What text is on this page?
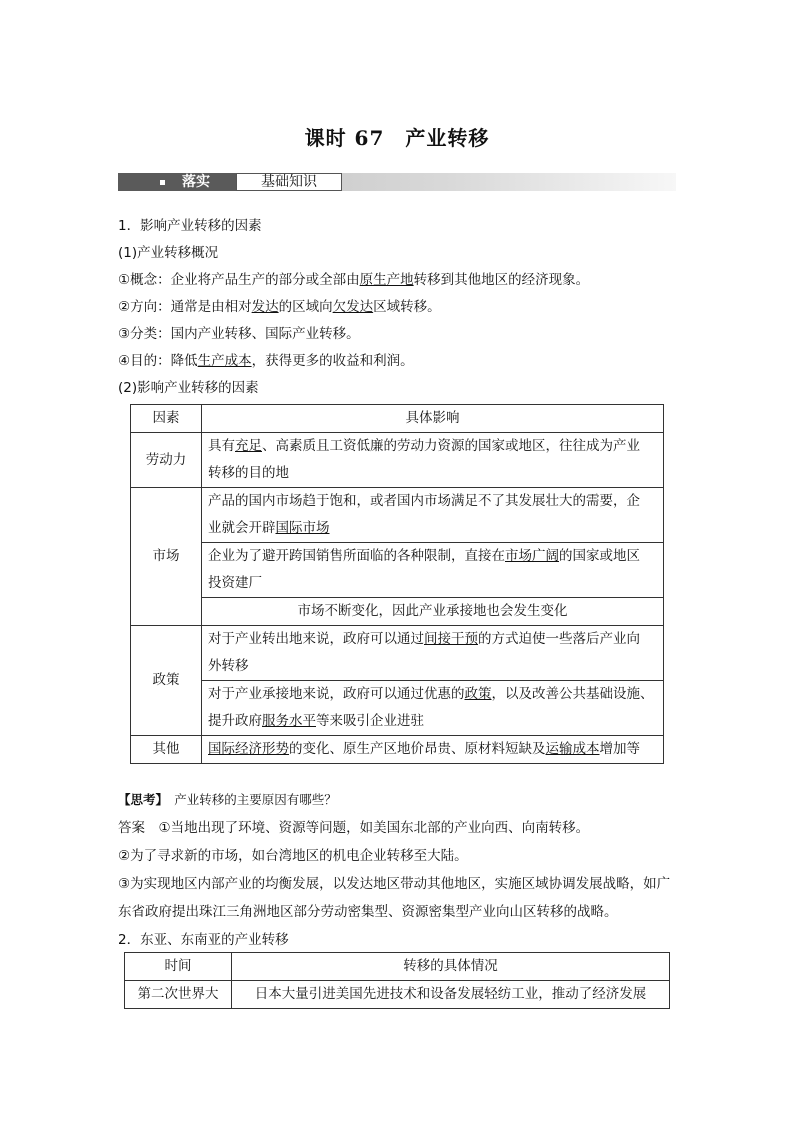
课时 67　产业转移
落实	基础知识
1．影响产业转移的因素
(1)产业转移概况
①概念：企业将产品生产的部分或全部由原生产地转移到其他地区的经济现象。
②方向：通常是由相对发达的区域向欠发达区域转移。
③分类：国内产业转移、国际产业转移。
④目的：降低生产成本，获得更多的收益和利润。
(2)影响产业转移的因素
因素	具体影响
劳动力	具有充足、高素质且工资低廉的劳动力资源的国家或地区，往往成为产业
转移的目的地
市场	产品的国内市场趋于饱和，或者国内市场满足不了其发展壮大的需要，企
业就会开辟国际市场
	企业为了避开跨国销售所面临的各种限制，直接在市场广阔的国家或地区
投资建厂
	市场不断变化，因此产业承接地也会发生变化
政策	对于产业转出地来说，政府可以通过间接干预的方式迫使一些落后产业向
外转移
	对于产业承接地来说，政府可以通过优惠的政策，以及改善公共基础设施、
提升政府服务水平等来吸引企业进驻
其他	国际经济形势的变化、原生产区地价昂贵、原材料短缺及运输成本增加等
【思考】　 产业转移的主要原因有哪些？
答案　 ①当地出现了环境、资源等问题，如美国东北部的产业向西、向南转移。
②为了寻求新的市场，如台湾地区的机电企业转移至大陆。
③为实现地区内部产业的均衡发展，以发达地区带动其他地区，实施区域协调发展战略，如广东省政府提出珠江三角洲地区部分劳动密集型、资源密集型产业向山区转移的战略。
2．东亚、东南亚的产业转移
时间	转移的具体情况
第二次世界大	日本大量引进美国先进技术和设备发展轻纺工业，推动了经济发展
